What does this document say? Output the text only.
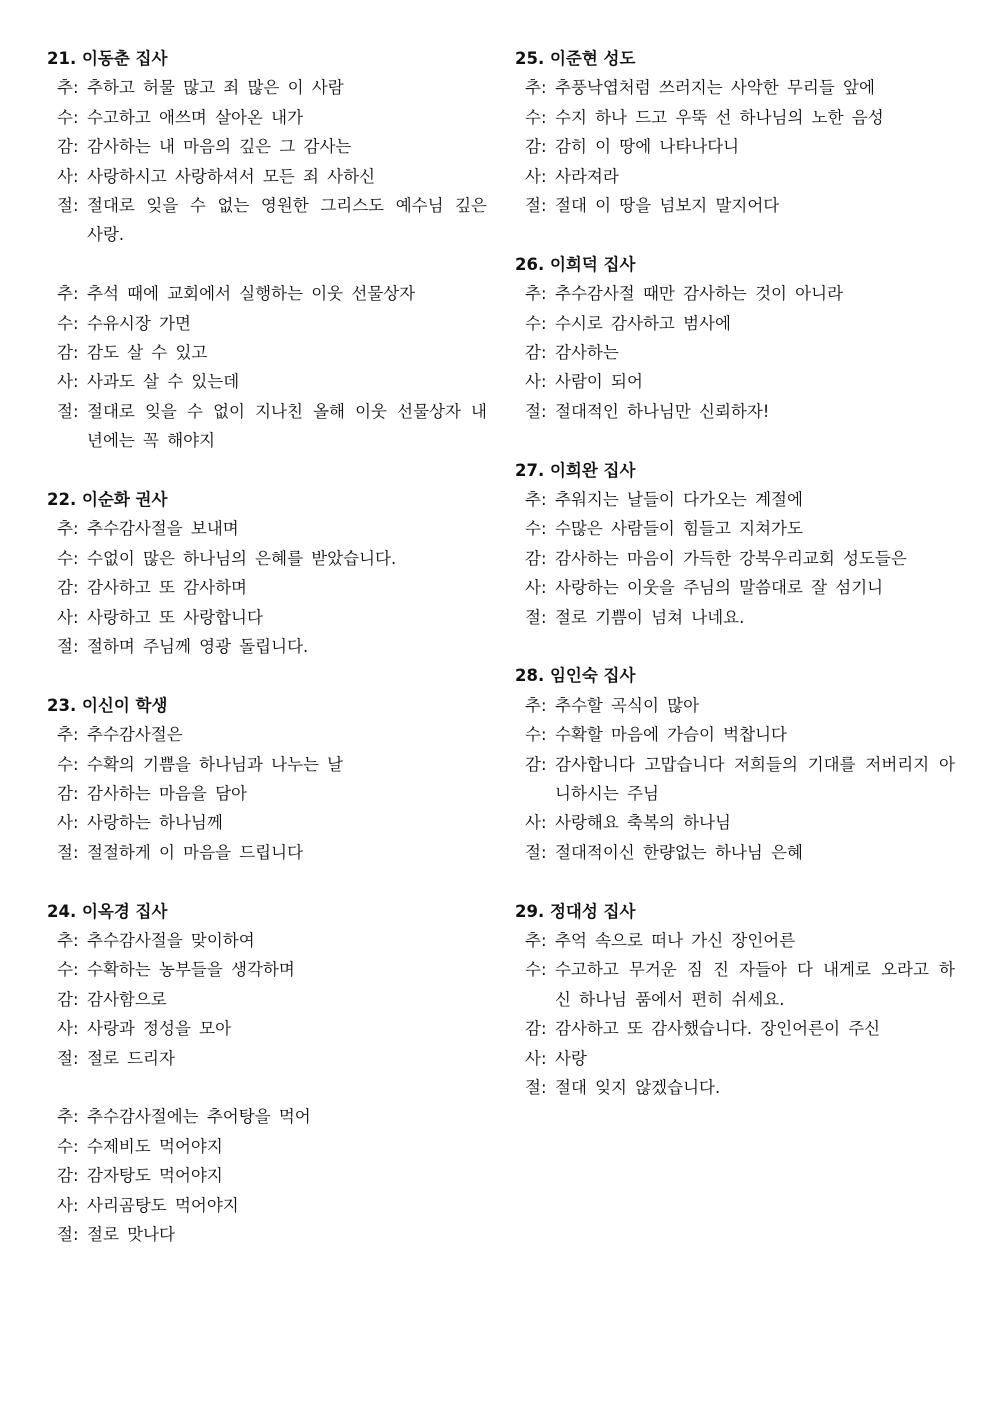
21. 이동춘 집사
추: 추하고 허물 많고 죄 많은 이 사람
수: 수고하고 애쓰며 살아온 내가
감: 감사하는 내 마음의 깊은 그 감사는
사: 사랑하시고 사랑하셔서 모든 죄 사하신
절: 절대로 잊을 수 없는 영원한 그리스도 예수님 깊은 사랑.
추: 추석 때에 교회에서 실행하는 이웃 선물상자
수: 수유시장 가면
감: 감도 살 수 있고
사: 사과도 살 수 있는데
절: 절대로 잊을 수 없이 지나친 올해 이웃 선물상자 내년에는 꼭 해야지
22. 이순화 권사
추: 추수감사절을 보내며
수: 수없이 많은 하나님의 은혜를 받았습니다.
감: 감사하고 또 감사하며
사: 사랑하고 또 사랑합니다
절: 절하며 주님께 영광 돌립니다.
23. 이신이 학생
추: 추수감사절은
수: 수확의 기쁨을 하나님과 나누는 날
감: 감사하는 마음을 담아
사: 사랑하는 하나님께
절: 절절하게 이 마음을 드립니다
24. 이옥경 집사
추: 추수감사절을 맞이하여
수: 수확하는 농부들을 생각하며
감: 감사함으로
사: 사랑과 정성을 모아
절: 절로 드리자
추: 추수감사절에는 추어탕을 먹어
수: 수제비도 먹어야지
감: 감자탕도 먹어야지
사: 사리곰탕도 먹어야지
절: 절로 맛나다
25. 이준현 성도
추: 추풍낙엽처럼 쓰러지는 사악한 무리들 앞에
수: 수지 하나 드고 우뚝 선 하나님의 노한 음성
감: 감히 이 땅에 나타나다니
사: 사라져라
절: 절대 이 땅을 넘보지 말지어다
26. 이희덕 집사
추: 추수감사절 때만 감사하는 것이 아니라
수: 수시로 감사하고 범사에
감: 감사하는
사: 사람이 되어
절: 절대적인 하나님만 신뢰하자!
27. 이희완 집사
추: 추워지는 날들이 다가오는 계절에
수: 수많은 사람들이 힘들고 지쳐가도
감: 감사하는 마음이 가득한 강북우리교회 성도들은
사: 사랑하는 이웃을 주님의 말씀대로 잘 섬기니
절: 절로 기쁨이 넘쳐 나네요.
28. 임인숙 집사
추: 추수할 곡식이 많아
수: 수확할 마음에 가슴이 벅찹니다
감: 감사합니다 고맙습니다 저희들의 기대를 저버리지 아니하시는 주님
사: 사랑해요 축복의 하나님
절: 절대적이신 한량없는 하나님 은혜
29. 정대성 집사
추: 추억 속으로 떠나 가신 장인어른
수: 수고하고 무거운 짐 진 자들아 다 내게로 오라고 하신 하나님 품에서 편히 쉬세요.
감: 감사하고 또 감사했습니다. 장인어른이 주신
사: 사랑
절: 절대 잊지 않겠습니다.
